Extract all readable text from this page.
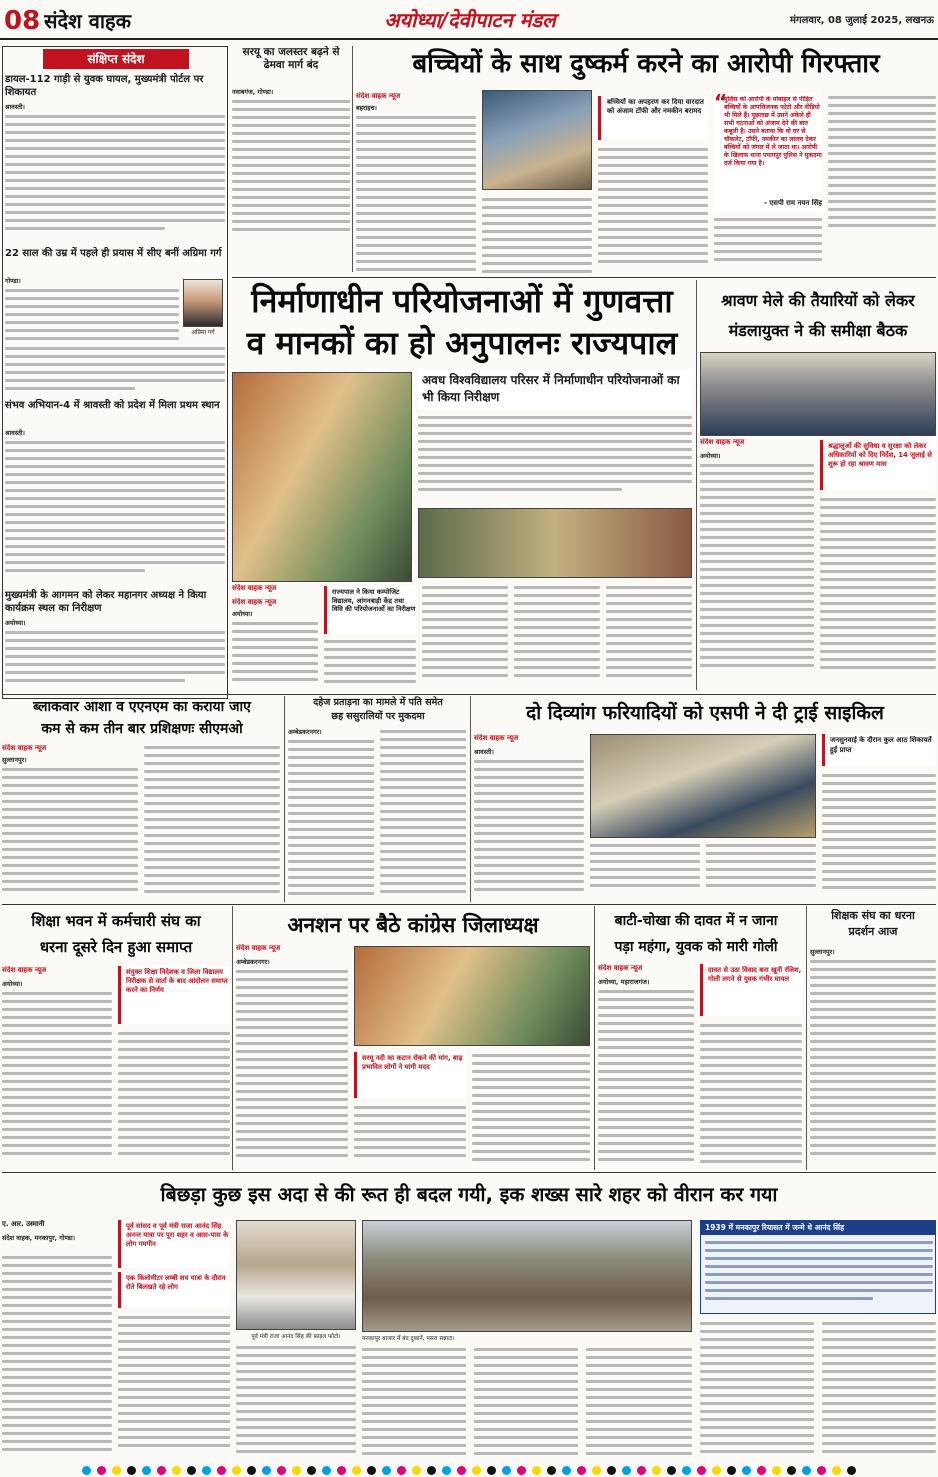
08 संदेश वाहक	अयोध्या/देवीपाटन मंडल	मंगलवार, 08 जुलाई 2025, लखनऊ
संक्षिप्त संदेश
डायल-112 गाड़ी से युवक घायल, मुख्यमंत्री पोर्टल पर शिकायत
श्रावस्ती।
22 साल की उम्र में पहले ही प्रयास में सीए बनीं अग्रिमा गर्ग
गोण्डा।
अग्रिमा गर्ग
संभव अभियान-4 में श्रावस्ती को प्रदेश में मिला प्रथम स्थान
श्रावस्ती।
मुख्यमंत्री के आगमन को लेकर महानगर अध्यक्ष ने किया कार्यक्रम स्थल का निरीक्षण
अयोध्या।
सरयू का जलस्तर बढ़ने से ढेमवा मार्ग बंद
नवाबगंज, गोण्डा।
बच्चियों के साथ दुष्कर्म करने का आरोपी गिरफ्तार
संदेश वाहक न्यूज
बहराइच।
बच्चियों का अपहरण कर दिया वारदात को अंजाम टॉफी और नमकीन बरामद “
पुलिस को आरोपी के मोबाइल से पीड़ित बच्चियों के आपत्तिजनक फोटो और वीडियो भी मिले हैं। पूछताछ में उसने अकेले ही सभी घटनाओं को अंजाम देने की बात कबूली है। उसने बताया कि वो घर से चॉकलेट, टॉफी, नमकीन का लालच देकर बच्चियों को जंगल में ले जाता था। आरोपी के खिलाफ थाना पयागपुर पुलिस ने मुकदमा दर्ज किया गया है।
- एसपी राम नयन सिंह
निर्माणाधीन परियोजनाओं में गुणवत्ता
व मानकों का हो अनुपालनः राज्यपाल
संदेश वाहक न्यूज
अवध विश्वविद्यालय परिसर में निर्माणाधीन परियोजनाओं का भी किया निरीक्षण
संदेश वाहक न्यूज
अयोध्या।
राज्यपाल ने किया कम्पोजिट विद्यालय, आंगनबाड़ी केंद्र तथा विवि की परियोजनाओं का निरीक्षण
श्रावण मेले की तैयारियों को लेकर
मंडलायुक्त ने की समीक्षा बैठक
संदेश वाहक न्यूज
अयोध्या।
श्रद्धालुओं की सुविधा व सुरक्षा को लेकर अधिकारियों को दिए निर्देश, 14 जुलाई से शुरू हो रहा श्रावण मास
ब्लाकवार आशा व एएनएम का कराया जाए
कम से कम तीन बार प्रशिक्षणः सीएमओ
संदेश वाहक न्यूज
सुल्तानपुर।
दहेज प्रताड़ना का मामले में पति समेत
छह ससुरालियों पर मुकदमा
अम्बेडकरनगर।
दो दिव्यांग फरियादियों को एसपी ने दी ट्राई साइकिल
संदेश वाहक न्यूज
श्रावस्ती।
जनसुनवाई के दौरान कुल आठ शिकायतें हुईं प्राप्त
शिक्षा भवन में कर्मचारी संघ का
धरना दूसरे दिन हुआ समाप्त
संदेश वाहक न्यूज
अयोध्या।
संयुक्त शिक्षा निदेशक व जिला विद्यालय निरीक्षक से वार्ता के बाद आंदोलन समाप्त करने का निर्णय
अनशन पर बैठे कांग्रेस जिलाध्यक्ष
संदेश वाहक न्यूज
अम्बेडकरनगर।
सरयू नदी का कटान रोकने की मांग, बाढ़ प्रभावित लोगों ने मांगी मदद
बाटी-चोखा की दावत में न जाना
पड़ा महंगा, युवक को मारी गोली
संदेश वाहक न्यूज
अयोध्या, महाराजगंज।
दावत से उठा विवाद बना खूनी रंजिश, गोली लगने से युवक गंभीर घायल
शिक्षक संघ का धरना
प्रदर्शन आज
सुल्तानपुर।
बिछड़ा कुछ इस अदा से की रूत ही बदल गयी, इक शख्स सारे शहर को वीरान कर गया
ए. आर. उस्मानी
संदेश वाहक, मनकापुर, गोण्डा।
पूर्व सांसद व पूर्व मंत्री राजा आनंद सिंह अनन्त यात्रा पर पूरा शहर व आस-पास के लोग गमगीन
एक किलोमीटर लम्बी शव यात्रा के दौरान रोते बिलखते रहे लोग
पूर्व मंत्री राजा आनंद सिंह की फ़ाइल फोटो।	मनकापुर बाजार में बंद दुकानें, पसरा सन्नाटा।
1939 में मनकापुर रियासत में जन्मे थे आनंद सिंह
